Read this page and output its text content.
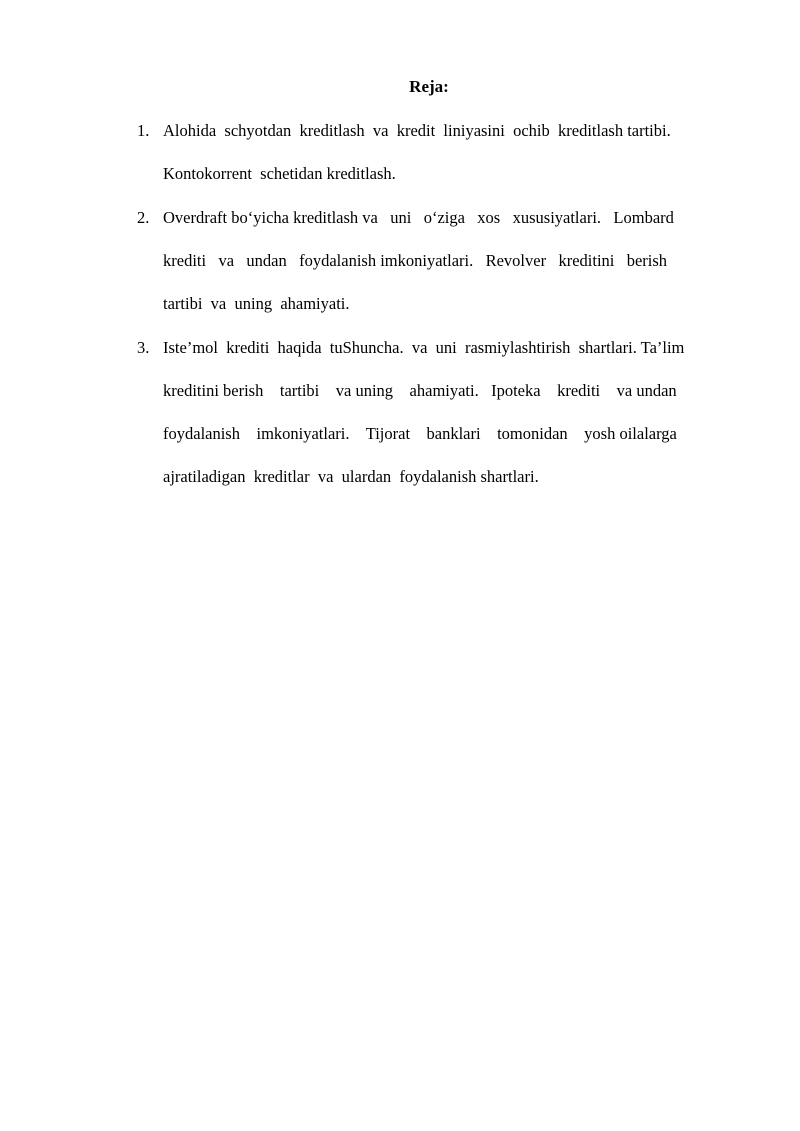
Reja:
1. Alohida  schyotdan  kreditlash  va  kredit  liniyasini  ochib  kreditlash tartibi.
Kontokorrent  schetidan kreditlash.
2. Overdraft bo‘yicha kreditlash va   uni   o‘ziga   xos   xususiyatlari.   Lombard
krediti   va   undan   foydalanish imkoniyatlari.   Revolver   kreditini   berish
tartibi  va  uning  ahamiyati.
3. Iste’mol  krediti  haqida  tuShuncha.  va  uni  rasmiylashtirish  shartlari. Ta’lim
kreditini berish    tartibi    va uning    ahamiyati.   Ipoteka    krediti    va undan
foydalanish    imkoniyatlari.    Tijorat    banklari    tomonidan    yosh oilalarga
ajratiladigan  kreditlar  va  ulardan  foydalanish shartlari.
